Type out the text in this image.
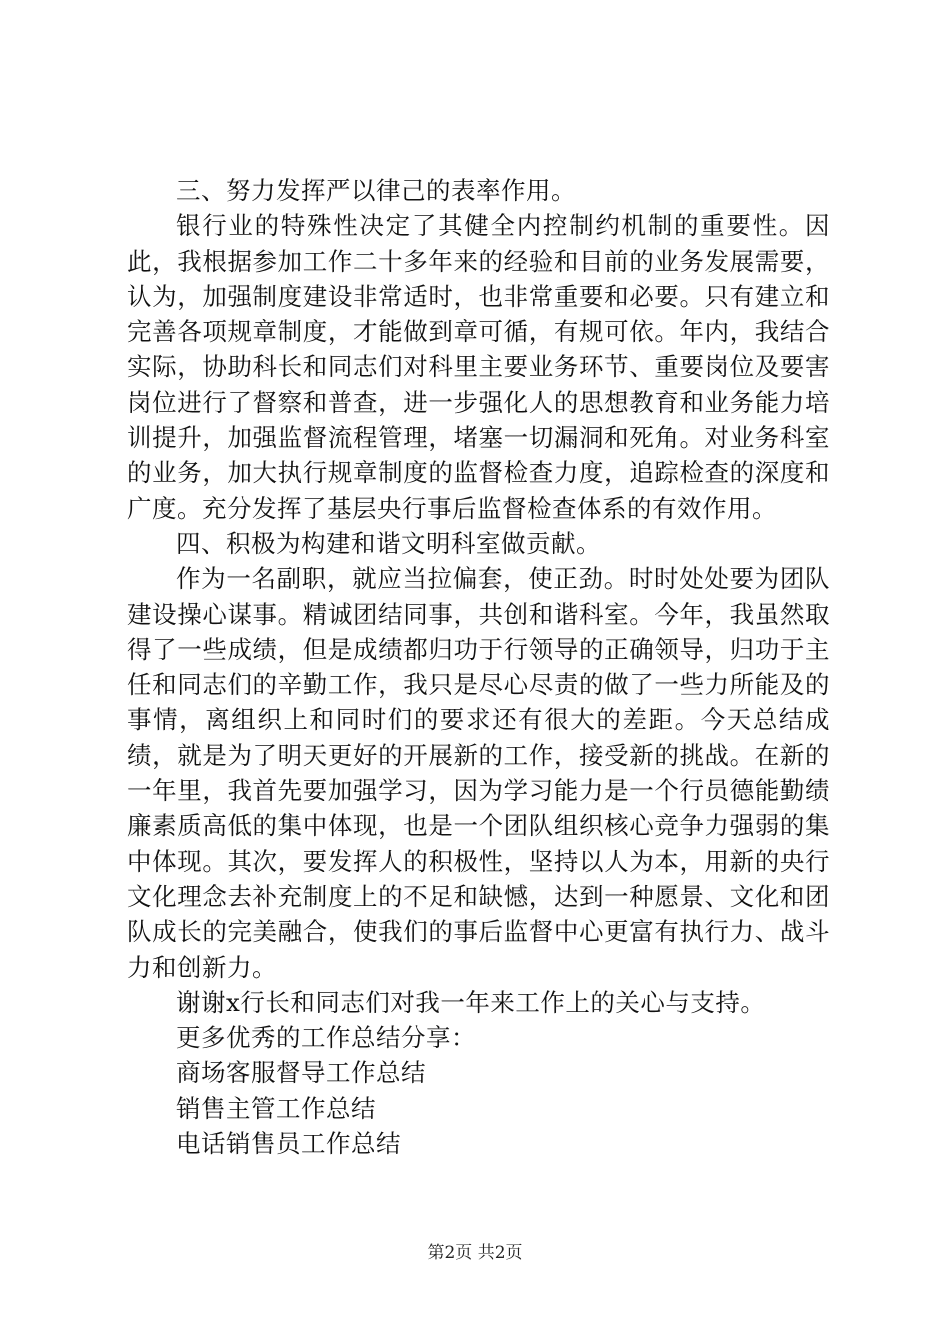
三、努力发挥严以律己的表率作用。

银行业的特殊性决定了其健全内控制约机制的重要性。因此，我根据参加工作二十多年来的经验和目前的业务发展需要，认为，加强制度建设非常适时，也非常重要和必要。只有建立和完善各项规章制度，才能做到章可循，有规可依。年内，我结合实际，协助科长和同志们对科里主要业务环节、重要岗位及要害岗位进行了督察和普查，进一步强化人的思想教育和业务能力培训提升，加强监督流程管理，堵塞一切漏洞和死角。对业务科室的业务，加大执行规章制度的监督检查力度，追踪检查的深度和广度。充分发挥了基层央行事后监督检查体系的有效作用。

四、积极为构建和谐文明科室做贡献。

作为一名副职，就应当拉偏套，使正劲。时时处处要为团队建设操心谋事。精诚团结同事，共创和谐科室。今年，我虽然取得了一些成绩，但是成绩都归功于行领导的正确领导，归功于主任和同志们的辛勤工作，我只是尽心尽责的做了一些力所能及的事情，离组织上和同时们的要求还有很大的差距。今天总结成绩，就是为了明天更好的开展新的工作，接受新的挑战。在新的一年里，我首先要加强学习，因为学习能力是一个行员德能勤绩廉素质高低的集中体现，也是一个团队组织核心竞争力强弱的集中体现。其次，要发挥人的积极性，坚持以人为本，用新的央行文化理念去补充制度上的不足和缺憾，达到一种愿景、文化和团队成长的完美融合，使我们的事后监督中心更富有执行力、战斗力和创新力。

谢谢x行长和同志们对我一年来工作上的关心与支持。

更多优秀的工作总结分享：

商场客服督导工作总结

销售主管工作总结

电话销售员工作总结

第2页 共2页
